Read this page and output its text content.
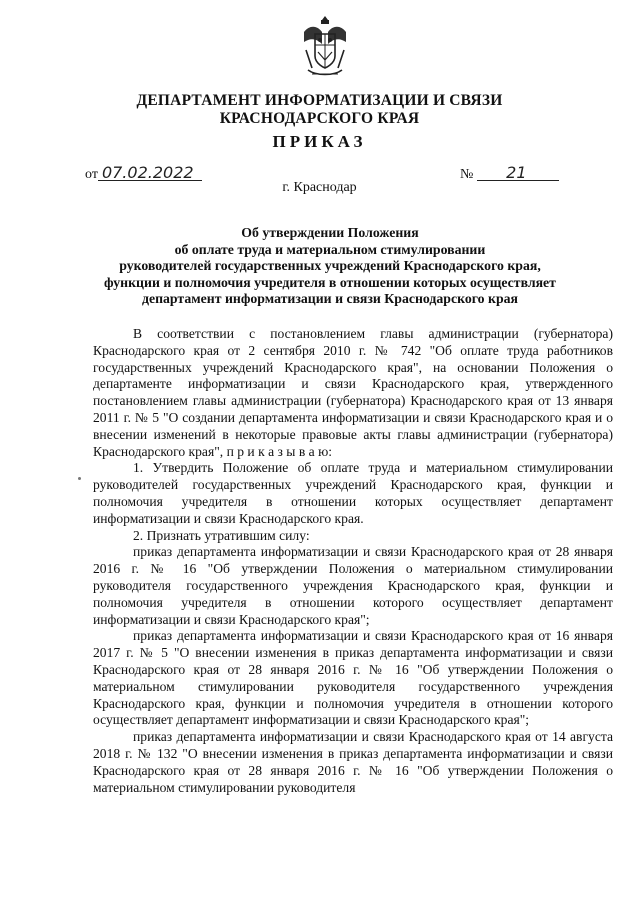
ДЕПАРТАМЕНТ ИНФОРМАТИЗАЦИИ И СВЯЗИ
КРАСНОДАРСКОГО КРАЯ
ПРИКАЗ
от 07.02.2022	№ 21
г. Краснодар
Об утверждении Положения
об оплате труда и материальном стимулировании
руководителей государственных учреждений Краснодарского края,
функции и полномочия учредителя в отношении которых осуществляет
департамент информатизации и связи Краснодарского края
В соответствии с постановлением главы администрации (губернатора) Краснодарского края от 2 сентября 2010 г. № 742 "Об оплате труда работников государственных учреждений Краснодарского края", на основании Положения о департаменте информатизации и связи Краснодарского края, утвержденного постановлением главы администрации (губернатора) Краснодарского края от 13 января 2011 г. № 5 "О создании департамента информатизации и связи Краснодарского края и о внесении изменений в некоторые правовые акты главы администрации (губернатора) Краснодарского края", п р и к а з ы в а ю:
1. Утвердить Положение об оплате труда и материальном стимулировании руководителей государственных учреждений Краснодарского края, функции и полномочия учредителя в отношении которых осуществляет департамент информатизации и связи Краснодарского края.
2. Признать утратившим силу:
приказ департамента информатизации и связи Краснодарского края от 28 января 2016 г. № 16 "Об утверждении Положения о материальном стимулировании руководителя государственного учреждения Краснодарского края, функции и полномочия учредителя в отношении которого осуществляет департамент информатизации и связи Краснодарского края";
приказ департамента информатизации и связи Краснодарского края от 16 января 2017 г. № 5 "О внесении изменения в приказ департамента информатизации и связи Краснодарского края от 28 января 2016 г. № 16 "Об утверждении Положения о материальном стимулировании руководителя государственного учреждения Краснодарского края, функции и полномочия учредителя в отношении которого осуществляет департамент информатизации и связи Краснодарского края";
приказ департамента информатизации и связи Краснодарского края от 14 августа 2018 г. № 132 "О внесении изменения в приказ департамента информатизации и связи Краснодарского края от 28 января 2016 г. № 16 "Об утверждении Положения о материальном стимулировании руководителя
